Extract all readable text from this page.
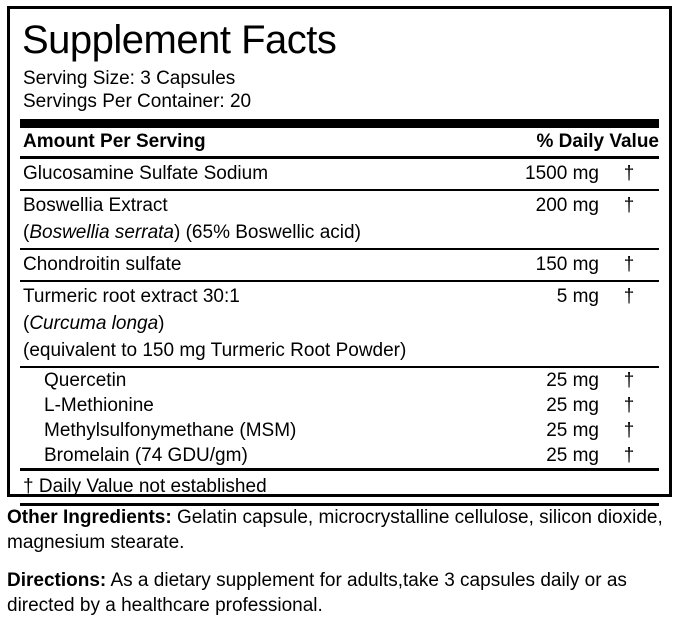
Supplement Facts
Serving Size: 3 Capsules
Servings Per Container: 20
Amount Per Serving	% Daily Value
Glucosamine Sulfate Sodium	1500 mg	†
Boswellia Extract	200 mg	†
(Boswellia serrata) (65% Boswellic acid)
Chondroitin sulfate	150 mg	†
Turmeric root extract 30:1	5 mg	†
(Curcuma longa)
(equivalent to 150 mg Turmeric Root Powder)
Quercetin	25 mg	†
L-Methionine	25 mg	†
Methylsulfonymethane (MSM)	25 mg	†
Bromelain (74 GDU/gm)	25 mg	†
† Daily Value not established

Other Ingredients: Gelatin capsule, microcrystalline cellulose, silicon dioxide, magnesium stearate.

Directions: As a dietary supplement for adults,take 3 capsules daily or as directed by a healthcare professional.
